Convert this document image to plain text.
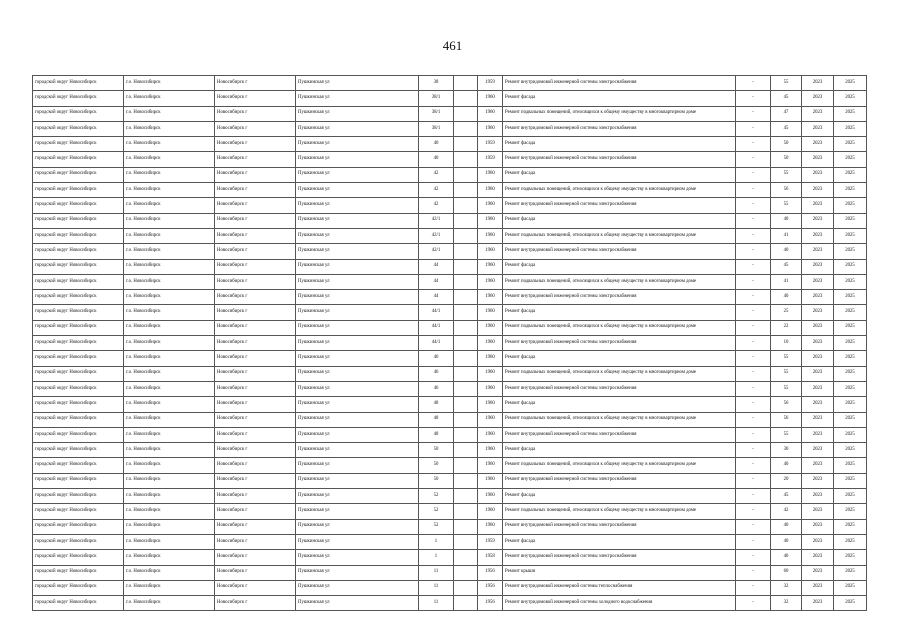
461
городской округ Новосибирск	г.о. Новосибирск	Новосибирск г	Пушкинская ул	38		1959	Ремонт внутридомовой инженерной системы электроснабжения	-	55	2023	2025
городской округ Новосибирск	г.о. Новосибирск	Новосибирск г	Пушкинская ул	38/1		1960	Ремонт фасада	-	45	2023	2025
городской округ Новосибирск	г.о. Новосибирск	Новосибирск г	Пушкинская ул	38/1		1960	Ремонт подвальных помещений, относящихся к общему имуществу в многоквартирном доме	-	47	2023	2025
городской округ Новосибирск	г.о. Новосибирск	Новосибирск г	Пушкинская ул	38/1		1960	Ремонт внутридомовой инженерной системы электроснабжения	-	45	2023	2025
городской округ Новосибирск	г.о. Новосибирск	Новосибирск г	Пушкинская ул	40		1959	Ремонт фасада	-	50	2023	2025
городской округ Новосибирск	г.о. Новосибирск	Новосибирск г	Пушкинская ул	40		1959	Ремонт внутридомовой инженерной системы электроснабжения	-	50	2023	2025
городской округ Новосибирск	г.о. Новосибирск	Новосибирск г	Пушкинская ул	42		1960	Ремонт фасада	-	55	2023	2025
городской округ Новосибирск	г.о. Новосибирск	Новосибирск г	Пушкинская ул	42		1960	Ремонт подвальных помещений, относящихся к общему имуществу в многоквартирном доме	-	56	2023	2025
городской округ Новосибирск	г.о. Новосибирск	Новосибирск г	Пушкинская ул	42		1960	Ремонт внутридомовой инженерной системы электроснабжения	-	55	2023	2025
городской округ Новосибирск	г.о. Новосибирск	Новосибирск г	Пушкинская ул	42/1		1960	Ремонт фасада	-	40	2023	2025
городской округ Новосибирск	г.о. Новосибирск	Новосибирск г	Пушкинская ул	42/1		1960	Ремонт подвальных помещений, относящихся к общему имуществу в многоквартирном доме	-	41	2023	2025
городской округ Новосибирск	г.о. Новосибирск	Новосибирск г	Пушкинская ул	42/1		1960	Ремонт внутридомовой инженерной системы электроснабжения	-	40	2023	2025
городской округ Новосибирск	г.о. Новосибирск	Новосибирск г	Пушкинская ул	44		1960	Ремонт фасада	-	45	2023	2025
городской округ Новосибирск	г.о. Новосибирск	Новосибирск г	Пушкинская ул	44		1960	Ремонт подвальных помещений, относящихся к общему имуществу в многоквартирном доме	-	41	2023	2025
городской округ Новосибирск	г.о. Новосибирск	Новосибирск г	Пушкинская ул	44		1960	Ремонт внутридомовой инженерной системы электроснабжения	-	40	2023	2025
городской округ Новосибирск	г.о. Новосибирск	Новосибирск г	Пушкинская ул	44/1		1960	Ремонт фасада	-	25	2023	2025
городской округ Новосибирск	г.о. Новосибирск	Новосибирск г	Пушкинская ул	44/1		1960	Ремонт подвальных помещений, относящихся к общему имуществу в многоквартирном доме	-	22	2023	2025
городской округ Новосибирск	г.о. Новосибирск	Новосибирск г	Пушкинская ул	44/1		1960	Ремонт внутридомовой инженерной системы электроснабжения	-	10	2023	2025
городской округ Новосибирск	г.о. Новосибирск	Новосибирск г	Пушкинская ул	46		1960	Ремонт фасада	-	55	2023	2025
городской округ Новосибирск	г.о. Новосибирск	Новосибирск г	Пушкинская ул	46		1960	Ремонт подвальных помещений, относящихся к общему имуществу в многоквартирном доме	-	55	2023	2025
городской округ Новосибирск	г.о. Новосибирск	Новосибирск г	Пушкинская ул	46		1960	Ремонт внутридомовой инженерной системы электроснабжения	-	55	2023	2025
городской округ Новосибирск	г.о. Новосибирск	Новосибирск г	Пушкинская ул	48		1960	Ремонт фасада	-	56	2023	2025
городской округ Новосибирск	г.о. Новосибирск	Новосибирск г	Пушкинская ул	48		1960	Ремонт подвальных помещений, относящихся к общему имуществу в многоквартирном доме	-	56	2023	2025
городской округ Новосибирск	г.о. Новосибирск	Новосибирск г	Пушкинская ул	48		1960	Ремонт внутридомовой инженерной системы электроснабжения	-	55	2023	2025
городской округ Новосибирск	г.о. Новосибирск	Новосибирск г	Пушкинская ул	50		1960	Ремонт фасада	-	30	2023	2025
городской округ Новосибирск	г.о. Новосибирск	Новосибирск г	Пушкинская ул	50		1960	Ремонт подвальных помещений, относящихся к общему имуществу в многоквартирном доме	-	40	2023	2025
городской округ Новосибирск	г.о. Новосибирск	Новосибирск г	Пушкинская ул	50		1960	Ремонт внутридомовой инженерной системы электроснабжения	-	20	2023	2025
городской округ Новосибирск	г.о. Новосибирск	Новосибирск г	Пушкинская ул	52		1960	Ремонт фасада	-	45	2023	2025
городской округ Новосибирск	г.о. Новосибирск	Новосибирск г	Пушкинская ул	52		1960	Ремонт подвальных помещений, относящихся к общему имуществу в многоквартирном доме	-	42	2023	2025
городской округ Новосибирск	г.о. Новосибирск	Новосибирск г	Пушкинская ул	52		1960	Ремонт внутридомовой инженерной системы электроснабжения	-	40	2023	2025
городской округ Новосибирск	г.о. Новосибирск	Новосибирск г	Пушкинская ул	1		1959	Ремонт фасада	-	40	2023	2025
городской округ Новосибирск	г.о. Новосибирск	Новосибирск г	Пушкинская ул	1		1958	Ремонт внутридомовой инженерной системы электроснабжения	-	40	2023	2025
городской округ Новосибирск	г.о. Новосибирск	Новосибирск г	Пушкинская ул	11		1956	Ремонт крыши	-	60	2023	2025
городской округ Новосибирск	г.о. Новосибирск	Новосибирск г	Пушкинская ул	11		1956	Ремонт внутридомовой инженерной системы теплоснабжения	-	32	2023	2025
городской округ Новосибирск	г.о. Новосибирск	Новосибирск г	Пушкинская ул	11		1956	Ремонт внутридомовой инженерной системы холодного водоснабжения	-	32	2023	2025
